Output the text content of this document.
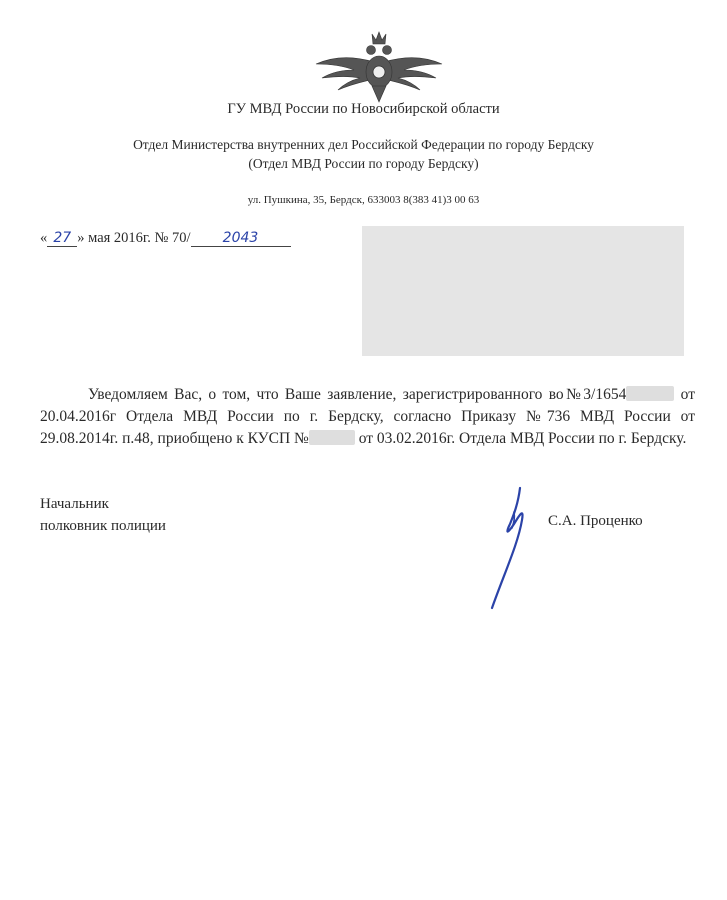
ГУ МВД России по Новосибирской области
Отдел Министерства внутренних дел Российской Федерации по городу Бердску
(Отдел МВД России по городу Бердску)
ул. Пушкина, 35, Бердск, 633003 8(383 41)3 00 63
« 27 » мая 2016г. № 70/ 2043
Уведомляем Вас, о том, что Ваше заявление, зарегистрированного во№3/1654	от 20.04.2016г Отдела МВД России по г. Бердску, согласно Приказу №736 МВД России от 29.08.2014г. п.48, приобщено к КУСП №	от 03.02.2016г. Отдела МВД России по г. Бердску.
Начальник
полковник полиции	С.А. Проценко
